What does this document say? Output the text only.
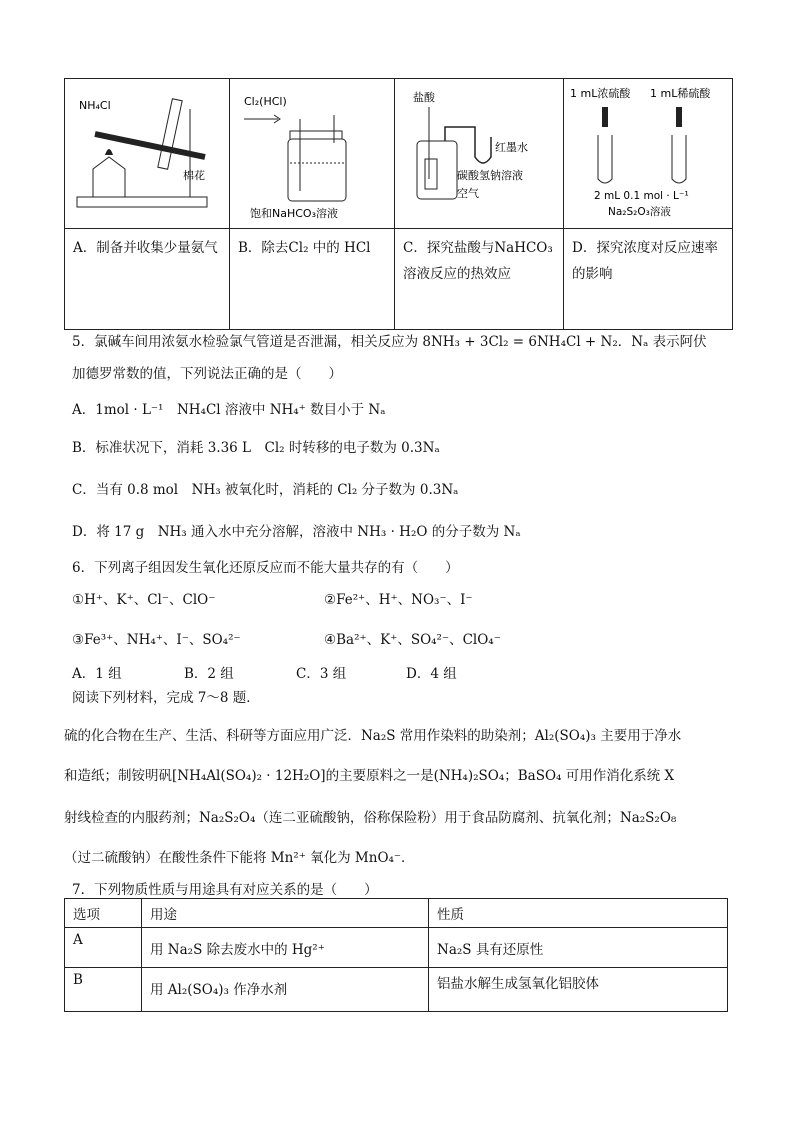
NH₄Cl
棉花	Cl₂(HCl)
饱和NaHCO₃溶液	盐酸
红墨水
碳酸氢钠溶液
空气	1 mL浓硫酸 1 mL稀硫酸
2 mL 0.1 mol · L⁻¹
Na₂S₂O₃溶液

A．制备并收集少量氨气	B．除去Cl₂ 中的 HCl	C．探究盐酸与NaHCO₃ 溶液反应的热效应	D．探究浓度对反应速率的影响
5．氯碱车间用浓氨水检验氯气管道是否泄漏，相关反应为 8NH₃ + 3Cl₂ = 6NH₄Cl + N₂．Nₐ 表示阿伏
加德罗常数的值，下列说法正确的是（　　）
A．1mol · L⁻¹　NH₄Cl 溶液中 NH₄⁺ 数目小于 Nₐ
B．标准状况下，消耗 3.36 L　Cl₂ 时转移的电子数为 0.3Nₐ
C．当有 0.8 mol　NH₃ 被氧化时，消耗的 Cl₂ 分子数为 0.3Nₐ
D．将 17 g　NH₃ 通入水中充分溶解，溶液中 NH₃ · H₂O 的分子数为 Nₐ
6．下列离子组因发生氧化还原反应而不能大量共存的有（　　）
①H⁺、K⁺、Cl⁻、ClO⁻	②Fe²⁺、H⁺、NO₃⁻、I⁻
③Fe³⁺、NH₄⁺、I⁻、SO₄²⁻	④Ba²⁺、K⁺、SO₄²⁻、ClO₄⁻
A．1 组	B．2 组	C．3 组	D．4 组
阅读下列材料，完成 7～8 题．
硫的化合物在生产、生活、科研等方面应用广泛．Na₂S 常用作染料的助染剂；Al₂(SO₄)₃ 主要用于净水
和造纸；制铵明矾[NH₄Al(SO₄)₂ · 12H₂O]的主要原料之一是(NH₄)₂SO₄；BaSO₄ 可用作消化系统 X
射线检查的内服药剂；Na₂S₂O₄（连二亚硫酸钠，俗称保险粉）用于食品防腐剂、抗氧化剂；Na₂S₂O₈
（过二硫酸钠）在酸性条件下能将 Mn²⁺ 氧化为 MnO₄⁻．
7．下列物质性质与用途具有对应关系的是（　　）
选项	用途	性质
A	用 Na₂S 除去废水中的 Hg²⁺	Na₂S 具有还原性
B	用 Al₂(SO₄)₃ 作净水剂	铝盐水解生成氢氧化铝胶体
